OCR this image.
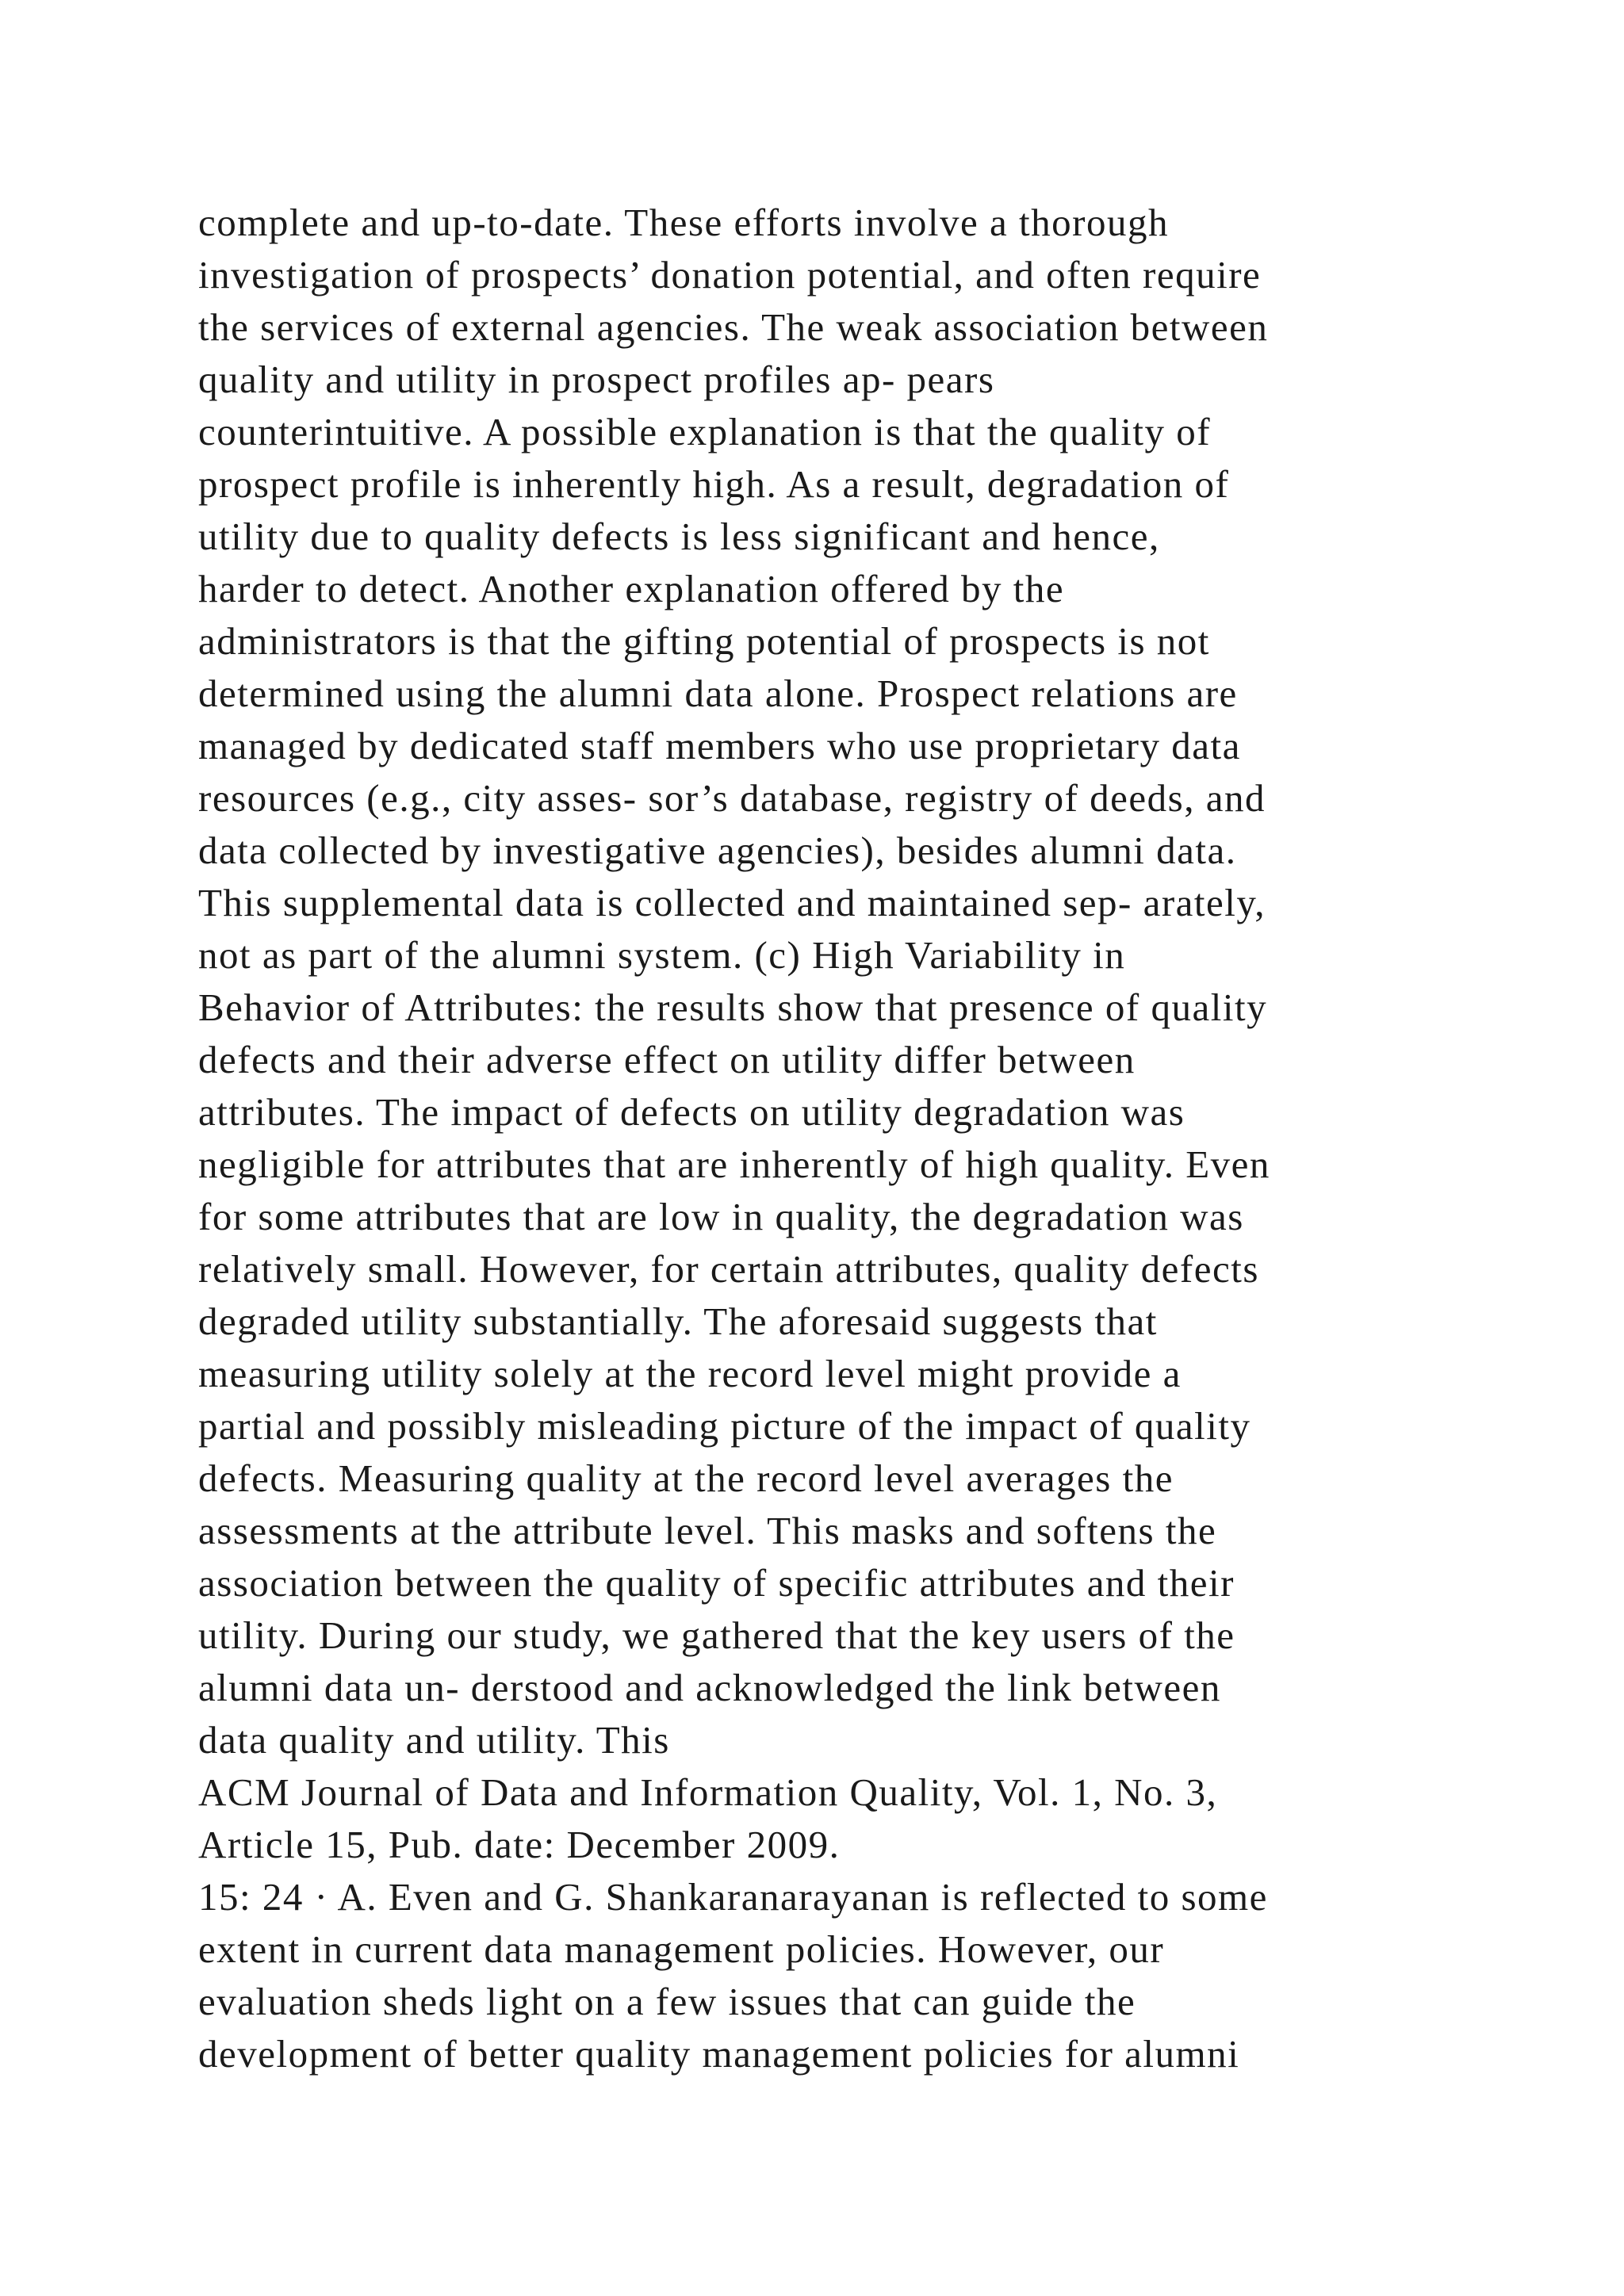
complete and up-to-date. These efforts involve a thorough
investigation of prospects’ donation potential, and often require
the services of external agencies. The weak association between
quality and utility in prospect profiles ap- pears
counterintuitive. A possible explanation is that the quality of
prospect profile is inherently high. As a result, degradation of
utility due to quality defects is less significant and hence,
harder to detect. Another explanation offered by the
administrators is that the gifting potential of prospects is not
determined using the alumni data alone. Prospect relations are
managed by dedicated staff members who use proprietary data
resources (e.g., city asses- sor’s database, registry of deeds, and
data collected by investigative agencies), besides alumni data.
This supplemental data is collected and maintained sep- arately,
not as part of the alumni system. (c) High Variability in
Behavior of Attributes: the results show that presence of quality
defects and their adverse effect on utility differ between
attributes. The impact of defects on utility degradation was
negligible for attributes that are inherently of high quality. Even
for some attributes that are low in quality, the degradation was
relatively small. However, for certain attributes, quality defects
degraded utility substantially. The aforesaid suggests that
measuring utility solely at the record level might provide a
partial and possibly misleading picture of the impact of quality
defects. Measuring quality at the record level averages the
assessments at the attribute level. This masks and softens the
association between the quality of specific attributes and their
utility. During our study, we gathered that the key users of the
alumni data un- derstood and acknowledged the link between
data quality and utility. This
ACM Journal of Data and Information Quality, Vol. 1, No. 3,
Article 15, Pub. date: December 2009.
15: 24 · A. Even and G. Shankaranarayanan is reflected to some
extent in current data management policies. However, our
evaluation sheds light on a few issues that can guide the
development of better quality management policies for alumni
